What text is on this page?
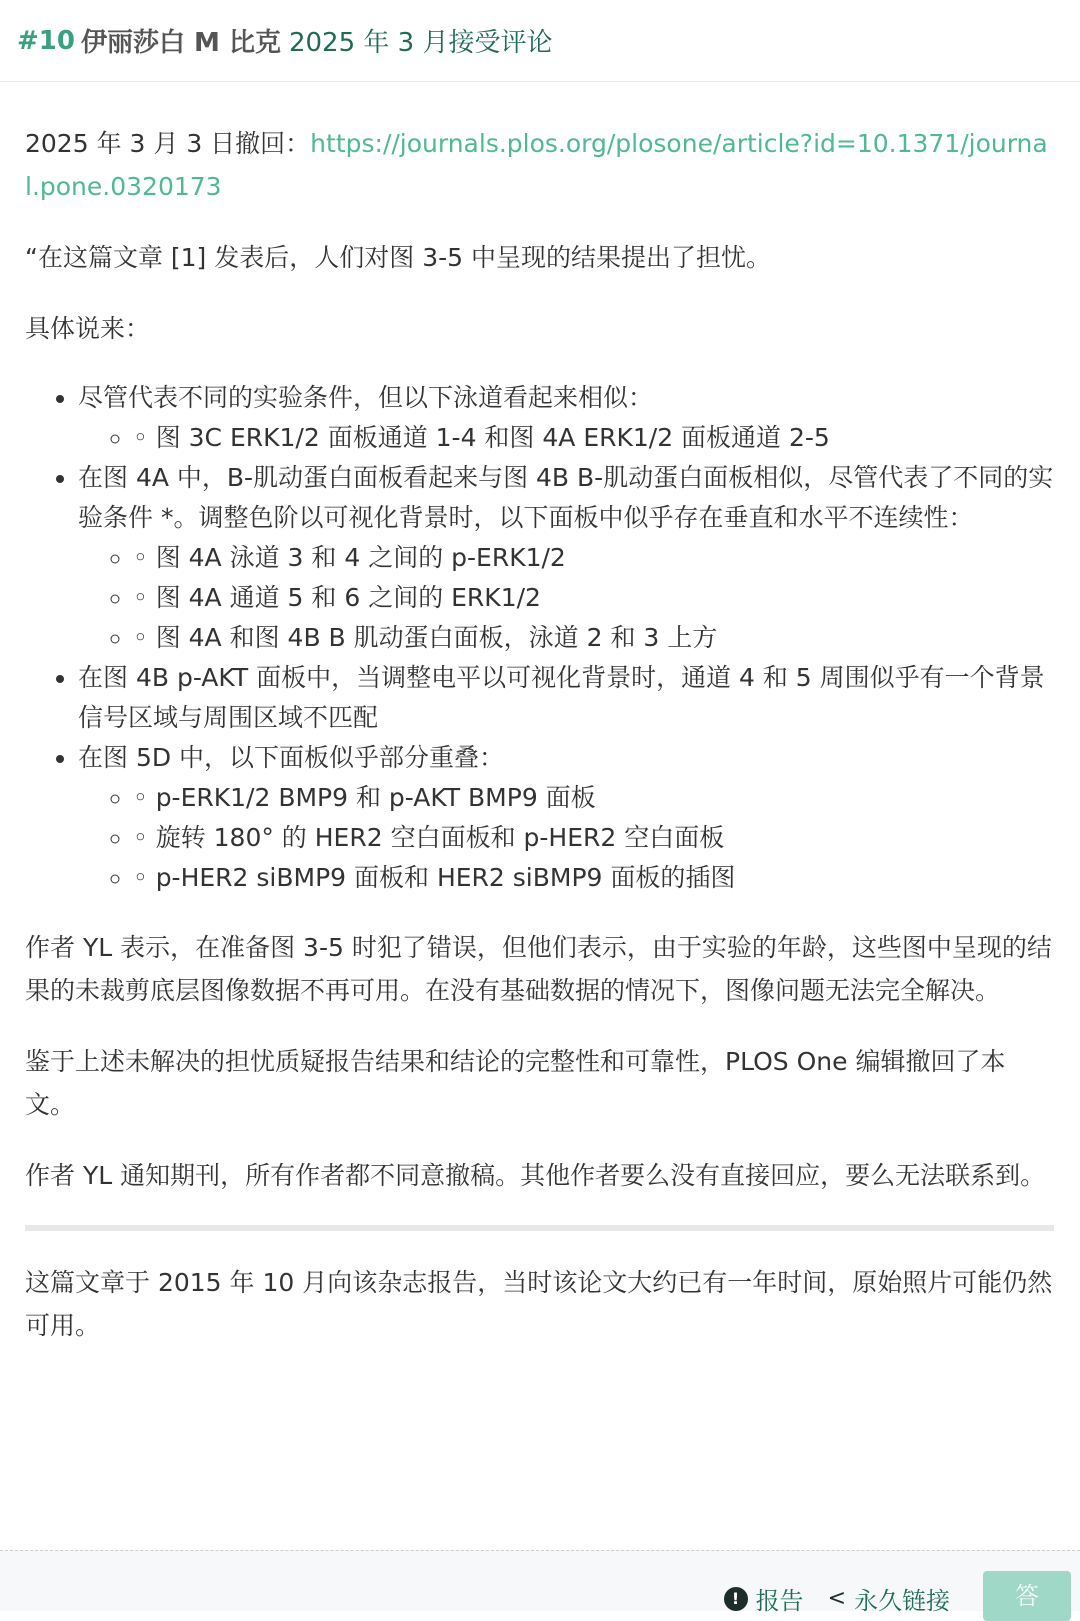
#10 伊丽莎白 M 比克 2025 年 3 月接受评论

2025 年 3 月 3 日撤回：https://journals.plos.org/plosone/article?id=10.1371/journal.pone.0320173

“在这篇文章 [1] 发表后，人们对图 3-5 中呈现的结果提出了担忧。

具体说来：

• 尽管代表不同的实验条件，但以下泳道看起来相似：
◦ ◦ 图 3C ERK1/2 面板通道 1-4 和图 4A ERK1/2 面板通道 2-5
• 在图 4A 中，B-肌动蛋白面板看起来与图 4B B-肌动蛋白面板相似，尽管代表了不同的实验条件 *。调整色阶以可视化背景时，以下面板中似乎存在垂直和水平不连续性：
◦ ◦ 图 4A 泳道 3 和 4 之间的 p-ERK1/2
◦ ◦ 图 4A 通道 5 和 6 之间的 ERK1/2
◦ ◦ 图 4A 和图 4B B 肌动蛋白面板，泳道 2 和 3 上方
• 在图 4B p-AKT 面板中，当调整电平以可视化背景时，通道 4 和 5 周围似乎有一个背景信号区域与周围区域不匹配
• 在图 5D 中，以下面板似乎部分重叠：
◦ ◦ p-ERK1/2 BMP9 和 p-AKT BMP9 面板
◦ ◦ 旋转 180° 的 HER2 空白面板和 p-HER2 空白面板
◦ ◦ p-HER2 siBMP9 面板和 HER2 siBMP9 面板的插图

作者 YL 表示，在准备图 3-5 时犯了错误，但他们表示，由于实验的年龄，这些图中呈现的结果的未裁剪底层图像数据不再可用。在没有基础数据的情况下，图像问题无法完全解决。

鉴于上述未解决的担忧质疑报告结果和结论的完整性和可靠性，PLOS One 编辑撤回了本文。

作者 YL 通知期刊，所有作者都不同意撤稿。其他作者要么没有直接回应，要么无法联系到。

这篇文章于 2015 年 10 月向该杂志报告，当时该论文大约已有一年时间，原始照片可能仍然可用。

! 报告 < 永久链接	答
